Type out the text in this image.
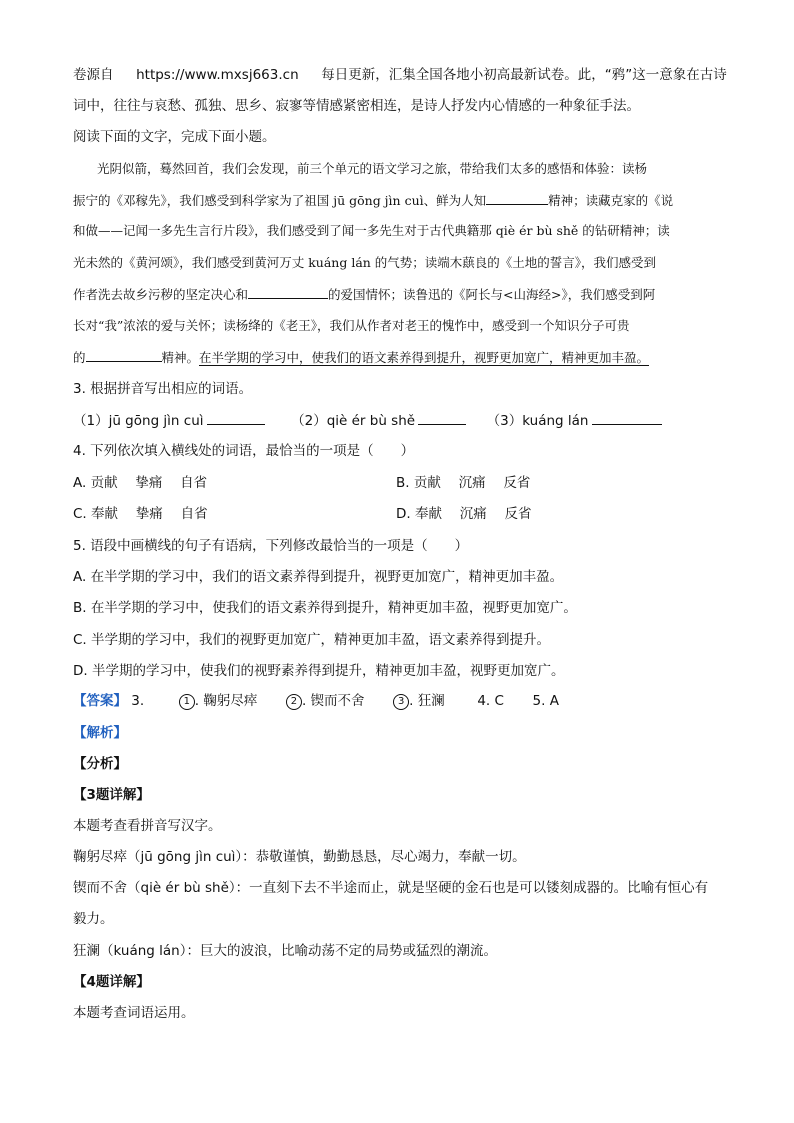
卷源自 https://www.mxsj663.cn 每日更新，汇集全国各地小初高最新试卷。此，“鸦”这一意象在古诗
词中，往往与哀愁、孤独、思乡、寂寥等情感紧密相连，是诗人抒发内心情感的一种象征手法。
阅读下面的文字，完成下面小题。
光阴似箭，蓦然回首，我们会发现，前三个单元的语文学习之旅，带给我们太多的感悟和体验：读杨
振宁的《邓稼先》，我们感受到科学家为了祖国 jū gōng jìn cuì、鲜为人知	精神；读藏克家的《说
和做——记闻一多先生言行片段》，我们感受到了闻一多先生对于古代典籍那 qiè ér bù shě 的钻研精神；读
光未然的《黄河颂》，我们感受到黄河万丈 kuáng lán 的气势；读端木蕻良的《土地的誓言》，我们感受到
作者洗去故乡污秽的坚定决心和	的爱国情怀；读鲁迅的《阿长与<山海经>》，我们感受到阿
长对“我”浓浓的爱与关怀；读杨绛的《老王》，我们从作者对老王的愧怍中，感受到一个知识分子可贵
的	精神。在半学期的学习中，使我们的语文素养得到提升，视野更加宽广，精神更加丰盈。
3. 根据拼音写出相应的词语。
（1）jū gōng jìn cuì	（2）qiè ér bù shě	（3）kuáng lán
4. 下列依次填入横线处的词语，最恰当的一项是（　　）
A. 贡献　 挚痛　 自省	B. 贡献　 沉痛　 反省
C. 奉献　 挚痛　 自省	D. 奉献　 沉痛　 反省
5. 语段中画横线的句子有语病，下列修改最恰当的一项是（　　）
A. 在半学期的学习中，我们的语文素养得到提升，视野更加宽广，精神更加丰盈。
B. 在半学期的学习中，使我们的语文素养得到提升，精神更加丰盈，视野更加宽广。
C. 半学期的学习中，我们的视野更加宽广，精神更加丰盈，语文素养得到提升。
D. 半学期的学习中，使我们的视野素养得到提升，精神更加丰盈，视野更加宽广。
【答案】 3.	1 . 鞠躬尽瘁	2 . 锲而不舍	3 . 狂澜 4. C 5. A
【解析】
【分析】
【3题详解】
本题考查看拼音写汉字。
鞠躬尽瘁（jū gōng jìn cuì）：恭敬谨慎，勤勤恳恳，尽心竭力，奉献一切。
锲而不舍（qiè ér bù shě）：一直刻下去不半途而止，就是坚硬的金石也是可以镂刻成器的。比喻有恒心有
毅力。
狂澜（kuáng lán）：巨大的波浪，比喻动荡不定的局势或猛烈的潮流。
【4题详解】
本题考查词语运用。
